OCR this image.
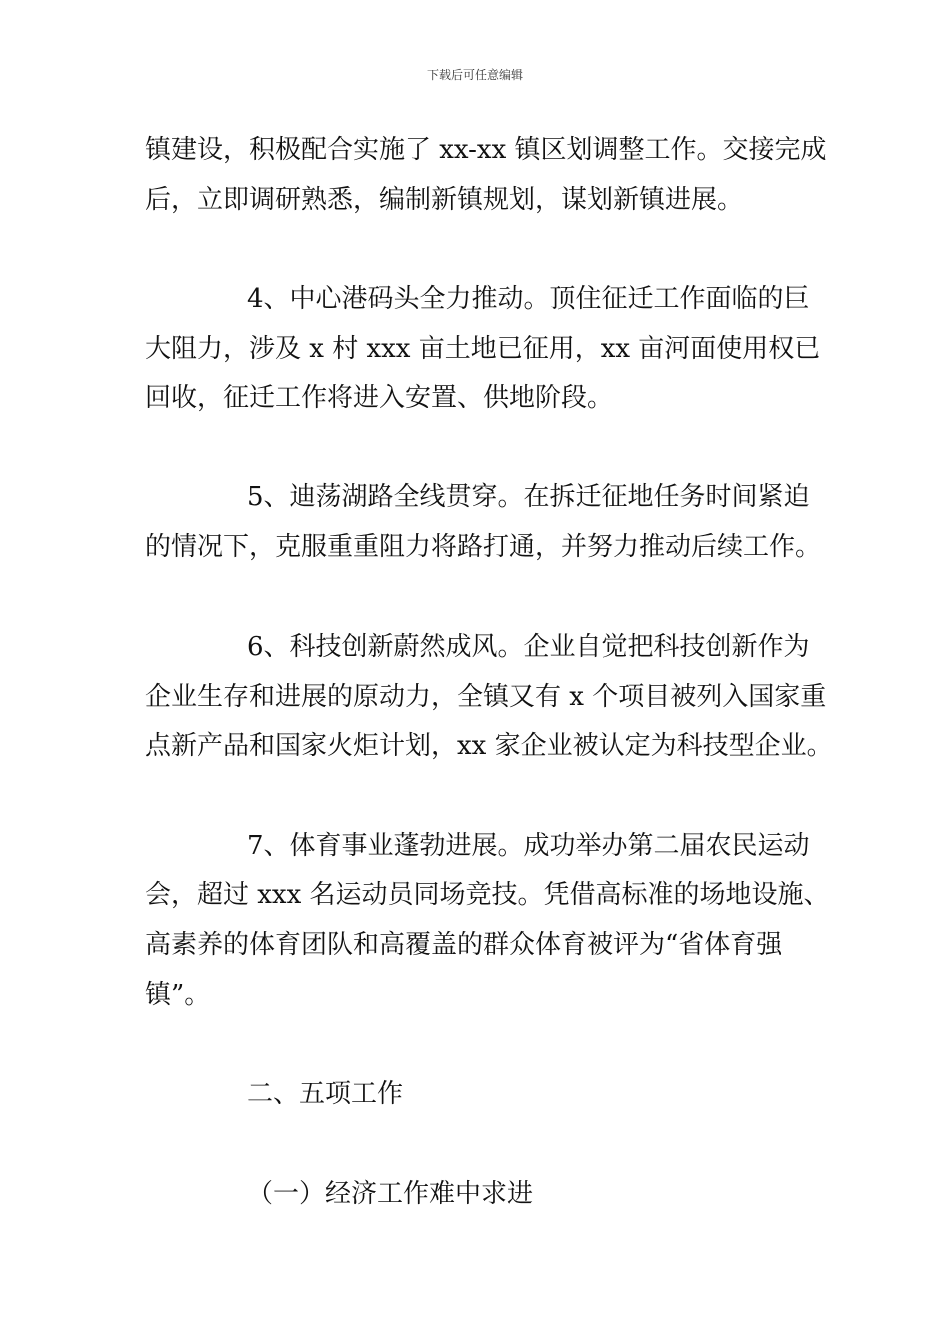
下载后可任意编辑
镇建设，积极配合实施了 xx-xx 镇区划调整工作。交接完成
后，立即调研熟悉，编制新镇规划，谋划新镇进展。
4、中心港码头全力推动。顶住征迁工作面临的巨
大阻力，涉及 x 村 xxx 亩土地已征用，xx 亩河面使用权已
回收，征迁工作将进入安置、供地阶段。
5、迪荡湖路全线贯穿。在拆迁征地任务时间紧迫
的情况下，克服重重阻力将路打通，并努力推动后续工作。
6、科技创新蔚然成风。企业自觉把科技创新作为
企业生存和进展的原动力，全镇又有 x 个项目被列入国家重
点新产品和国家火炬计划，xx 家企业被认定为科技型企业。
7、体育事业蓬勃进展。成功举办第二届农民运动
会，超过 xxx 名运动员同场竞技。凭借高标准的场地设施、
高素养的体育团队和高覆盖的群众体育被评为“省体育强
镇”。
二、五项工作
（一）经济工作难中求进
